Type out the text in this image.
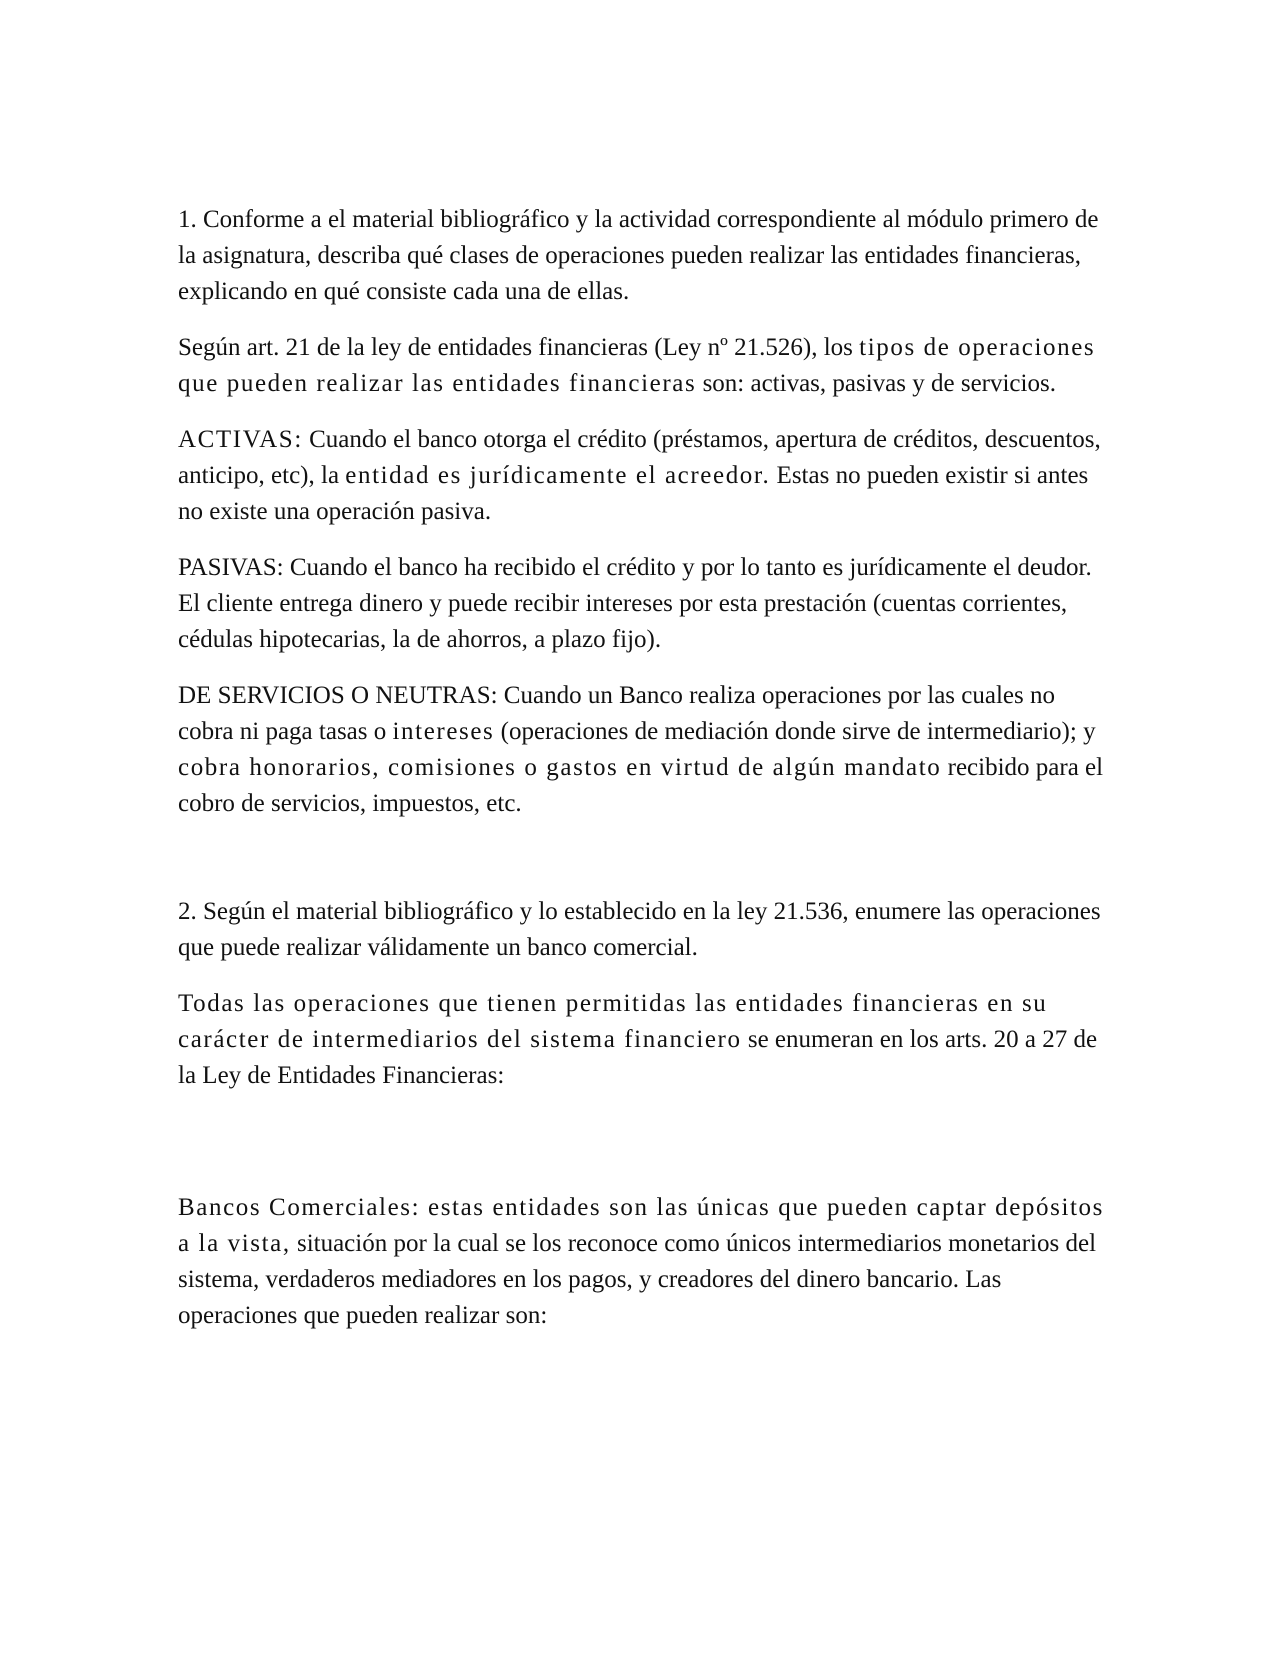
1. Conforme a el material bibliográfico y la actividad correspondiente al módulo primero de la asignatura, describa qué clases de operaciones pueden realizar las entidades financieras, explicando en qué consiste cada una de ellas.

Según art. 21 de la ley de entidades financieras (Ley nº 21.526), los tipos de operaciones que pueden realizar las entidades financieras son: activas, pasivas y de servicios.

ACTIVAS: Cuando el banco otorga el crédito (préstamos, apertura de créditos, descuentos, anticipo, etc), la entidad es jurídicamente el acreedor. Estas no pueden existir si antes no existe una operación pasiva.

PASIVAS: Cuando el banco ha recibido el crédito y por lo tanto es jurídicamente el deudor. El cliente entrega dinero y puede recibir intereses por esta prestación (cuentas corrientes, cédulas hipotecarias, la de ahorros, a plazo fijo).

DE SERVICIOS O NEUTRAS: Cuando un Banco realiza operaciones por las cuales no cobra ni paga tasas o intereses (operaciones de mediación donde sirve de intermediario); y cobra honorarios, comisiones o gastos en virtud de algún mandato recibido para el cobro de servicios, impuestos, etc.

2. Según el material bibliográfico y lo establecido en la ley 21.536, enumere las operaciones que puede realizar válidamente un banco comercial.

Todas las operaciones que tienen permitidas las entidades financieras en su carácter de intermediarios del sistema financiero se enumeran en los arts. 20 a 27 de la Ley de Entidades Financieras:

Bancos Comerciales: estas entidades son las únicas que pueden captar depósitos a la vista, situación por la cual se los reconoce como únicos intermediarios monetarios del sistema, verdaderos mediadores en los pagos, y creadores del dinero bancario. Las operaciones que pueden realizar son:
